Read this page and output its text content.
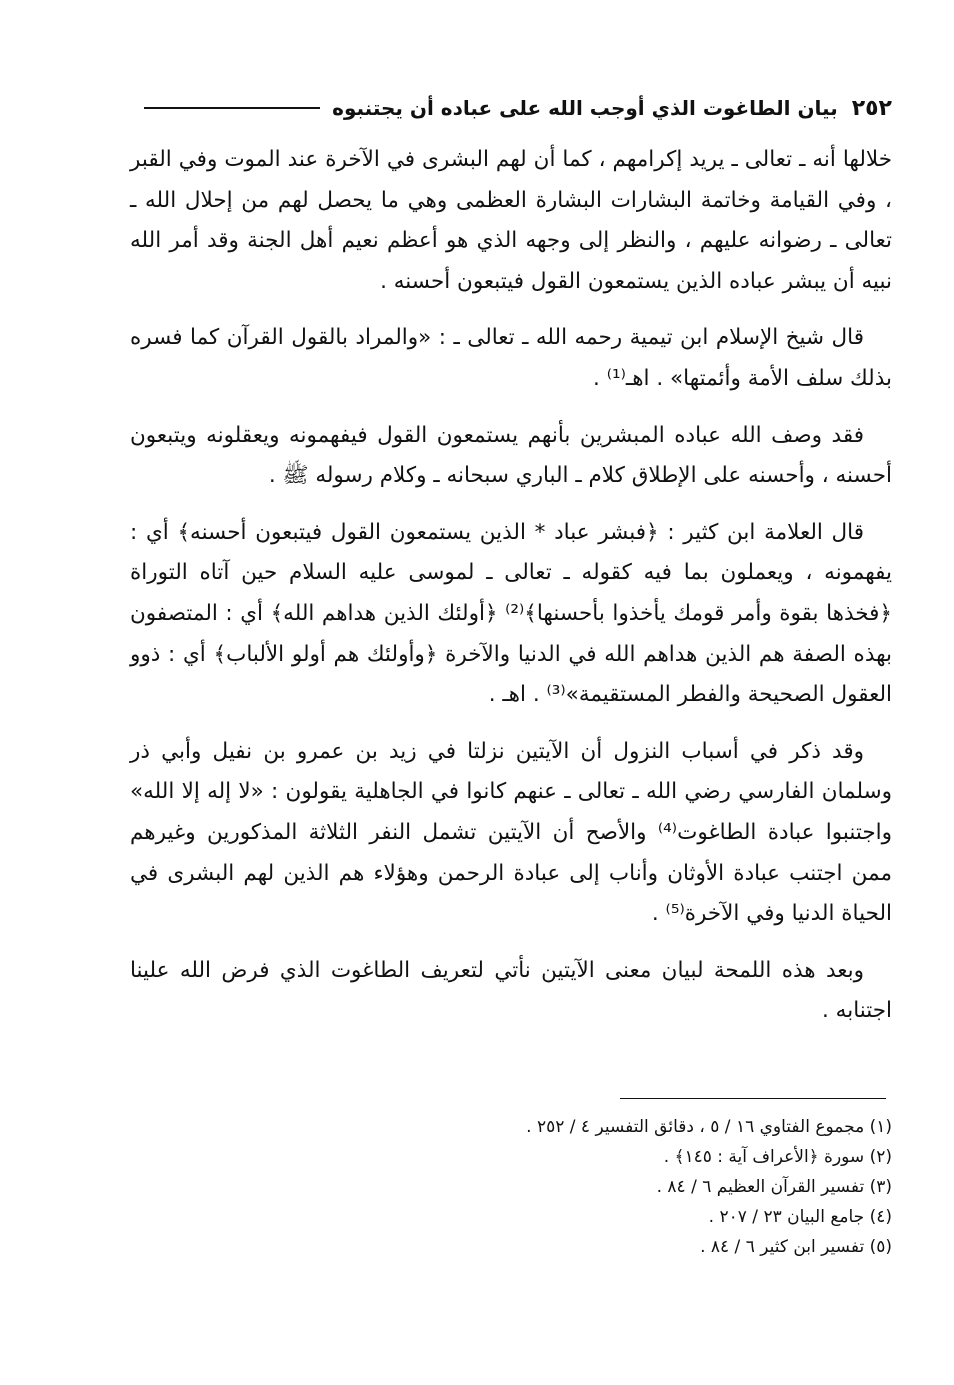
٢٥٢
بيان الطاغوت الذي أوجب الله على عباده أن يجتنبوه

خلالها أنه ـ تعالى ـ يريد إكرامهم ، كما أن لهم البشرى في الآخرة عند الموت وفي القبر ، وفي القيامة وخاتمة البشارات البشارة العظمى وهي ما يحصل لهم من إحلال الله ـ تعالى ـ رضوانه عليهم ، والنظر إلى وجهه الذي هو أعظم نعيم أهل الجنة وقد أمر الله نبيه أن يبشر عباده الذين يستمعون القول فيتبعون أحسنه .

قال شيخ الإسلام ابن تيمية رحمه الله ـ تعالى ـ : «والمراد بالقول القرآن كما فسره بذلك سلف الأمة وأئمتها» . اهـ⁽¹⁾ .

فقد وصف الله عباده المبشرين بأنهم يستمعون القول فيفهمونه ويعقلونه ويتبعون أحسنه ، وأحسنه على الإطلاق كلام ـ الباري سبحانه ـ وكلام رسوله ﷺ .

قال العلامة ابن كثير : ﴿فبشر عباد * الذين يستمعون القول فيتبعون أحسنه﴾ أي : يفهمونه ، ويعملون بما فيه كقوله ـ تعالى ـ لموسى عليه السلام حين آتاه التوراة ﴿فخذها بقوة وأمر قومك يأخذوا بأحسنها﴾⁽²⁾ ﴿أولئك الذين هداهم الله﴾ أي : المتصفون بهذه الصفة هم الذين هداهم الله في الدنيا والآخرة ﴿وأولئك هم أولو الألباب﴾ أي : ذوو العقول الصحيحة والفطر المستقيمة»⁽³⁾ . اهـ .

وقد ذكر في أسباب النزول أن الآيتين نزلتا في زيد بن عمرو بن نفيل وأبي ذر وسلمان الفارسي رضي الله ـ تعالى ـ عنهم كانوا في الجاهلية يقولون : «لا إله إلا الله» واجتنبوا عبادة الطاغوت⁽⁴⁾ والأصح أن الآيتين تشمل النفر الثلاثة المذكورين وغيرهم ممن اجتنب عبادة الأوثان وأناب إلى عبادة الرحمن وهؤلاء هم الذين لهم البشرى في الحياة الدنيا وفي الآخرة⁽⁵⁾ .

وبعد هذه اللمحة لبيان معنى الآيتين نأتي لتعريف الطاغوت الذي فرض الله علينا اجتنابه .

(١) مجموع الفتاوي ١٦ / ٥ ، دقائق التفسير ٤ / ٢٥٢ .
(٢) سورة ﴿الأعراف آية : ١٤٥﴾ .
(٣) تفسير القرآن العظيم ٦ / ٨٤ .
(٤) جامع البيان ٢٣ / ٢٠٧ .
(٥) تفسير ابن كثير ٦ / ٨٤ .
